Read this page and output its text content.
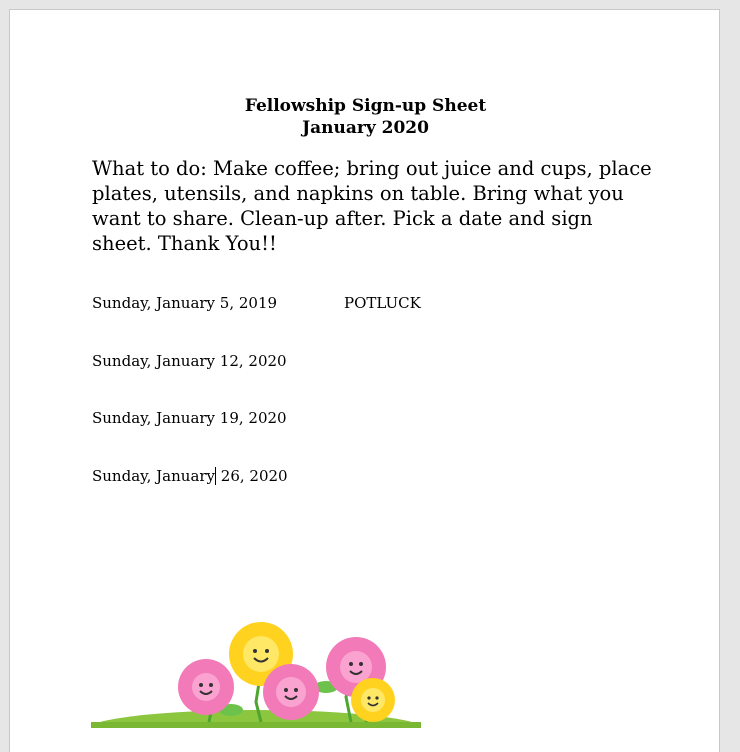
Fellowship Sign-up Sheet
January 2020
What to do: Make coffee; bring out juice and cups, place plates, utensils, and napkins on table. Bring what you want to share. Clean-up after. Pick a date and sign sheet. Thank You!!
Sunday, January 5, 2019	POTLUCK
Sunday, January 12, 2020
Sunday, January 19, 2020
Sunday, January 26, 2020
